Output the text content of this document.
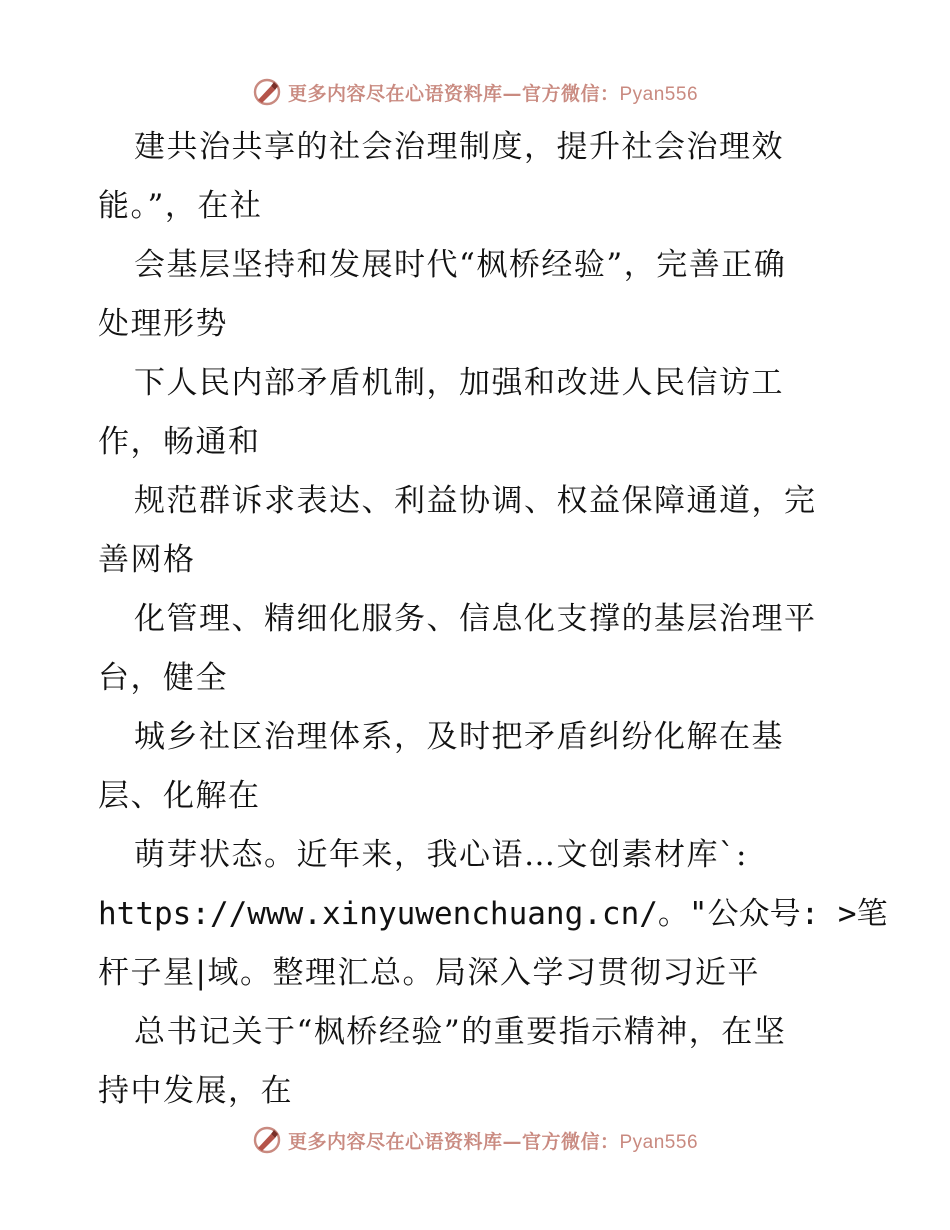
更多内容尽在心语资料库—官方微信：Pyan556
建共治共享的社会治理制度，提升社会治理效
能。”，在社
会基层坚持和发展时代“枫桥经验”，完善正确
处理形势
下人民内部矛盾机制，加强和改进人民信访工
作，畅通和
规范群诉求表达、利益协调、权益保障通道，完
善网格
化管理、精细化服务、信息化支撑的基层治理平
台，健全
城乡社区治理体系，及时把矛盾纠纷化解在基
层、化解在
萌芽状态。近年来，我心语…文创素材库`:
https://www.xinyuwenchuang.cn/。"公众号: >笔
杆子星|域。整理汇总。局深入学习贯彻习近平
总书记关于“枫桥经验”的重要指示精神，在坚
持中发展，在
更多内容尽在心语资料库—官方微信：Pyan556
